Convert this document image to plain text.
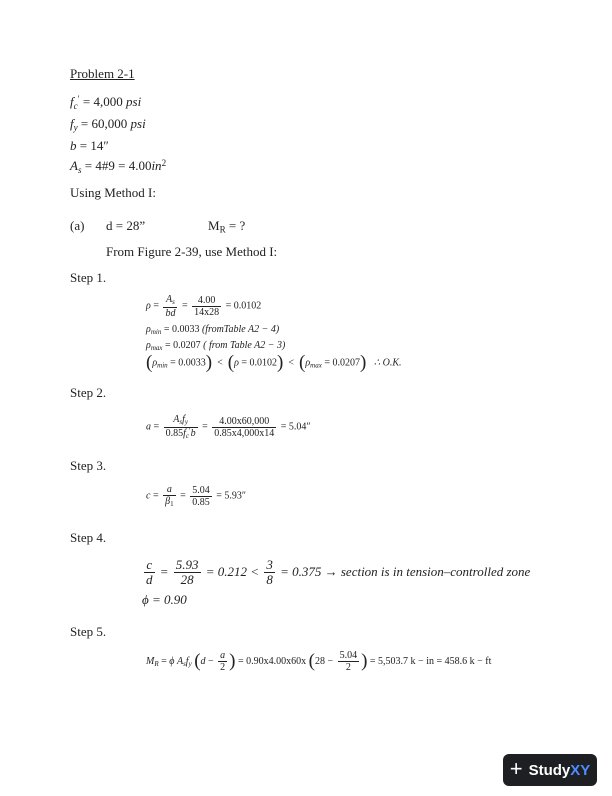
Problem 2-1
$f_c' = 4,000$ psi
$f_y = 60,000$ psi
b = 14″
$A_s$ = 4#9 = $4.00in^2$
Using Method I:
(a) d = 28”	$M_R$ = ?
From Figure 2-39, use Method I:
Step 1.
$\rho = \frac{A_s}{bd} = \frac{4.00}{14x28} = 0.0102$
$\rho_{min} = 0.0033$ (fromTable A2 − 4)
$\rho_{max} = 0.0207$ ( from Table A2 − 3)
$(\rho_{min} = 0.0033) < (\rho = 0.0102) < (\rho_{max} = 0.0207)$ ∴ O.K.
Step 2.
$a = \frac{A_sf_y}{0.85f_c'b} = \frac{4.00x60,000}{0.85x4,000x14} = 5.04''$
Step 3.
$c = \frac{a}{\beta_1} = \frac{5.04}{0.85} = 5.93''$
Step 4.
$\frac{c}{d} = \frac{5.93}{28} = 0.212 < \frac{3}{8} = 0.375$ → section is in tension–controlled zone
ϕ = 0.90
Step 5.
$M_R = \phi$ $A_sf_y$ ($d - \frac{a}{2}$ ) = 0.90x4.00x60x ($28 - \frac{5.04}{2}$ ) = 5,503.7 k − in = 458.6 k − ft
+ StudyXY
